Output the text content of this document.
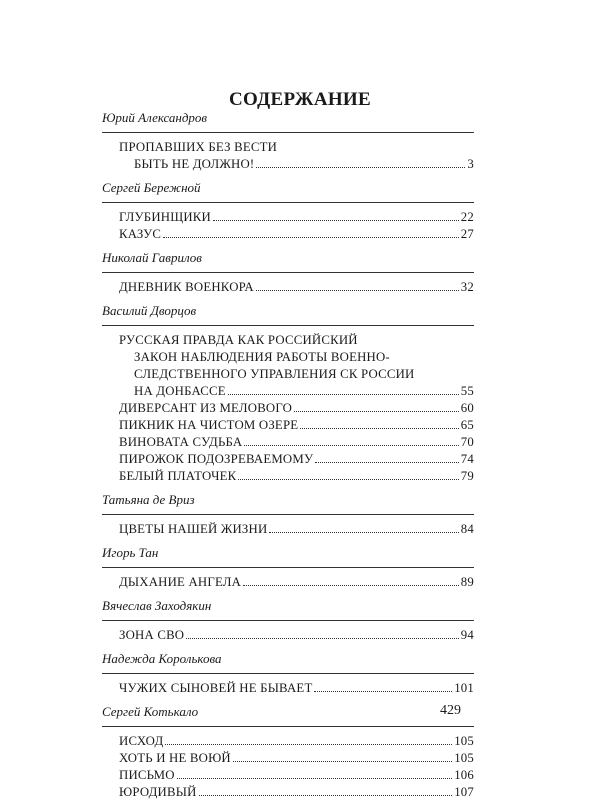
СОДЕРЖАНИЕ
Юрий Александров
ПРОПАВШИХ БЕЗ ВЕСТИ
БЫТЬ НЕ ДОЛЖНО!	3
Сергей Бережной
ГЛУБИНЩИКИ	22
КАЗУС	27
Николай Гаврилов
ДНЕВНИК ВОЕНКОРА	32
Василий Дворцов
РУССКАЯ ПРАВДА КАК РОССИЙСКИЙ
ЗАКОН НАБЛЮДЕНИЯ РАБОТЫ ВОЕННО-
СЛЕДСТВЕННОГО УПРАВЛЕНИЯ СК РОССИИ
НА ДОНБАССЕ	55
ДИВЕРСАНТ ИЗ МЕЛОВОГО	60
ПИКНИК НА ЧИСТОМ ОЗЕРЕ	65
ВИНОВАТА СУДЬБА	70
ПИРОЖОК ПОДОЗРЕВАЕМОМУ	74
БЕЛЫЙ ПЛАТОЧЕК	79
Татьяна де Вриз
ЦВЕТЫ НАШЕЙ ЖИЗНИ	84
Игорь Тан
ДЫХАНИЕ АНГЕЛА	89
Вячеслав Заходякин
ЗОНА СВО	94
Надежда Королькова
ЧУЖИХ СЫНОВЕЙ НЕ БЫВАЕТ	101
Сергей Котькало
ИСХОД	105
ХОТЬ И НЕ ВОЮЙ	105
ПИСЬМО	106
ЮРОДИВЫЙ	107
429
